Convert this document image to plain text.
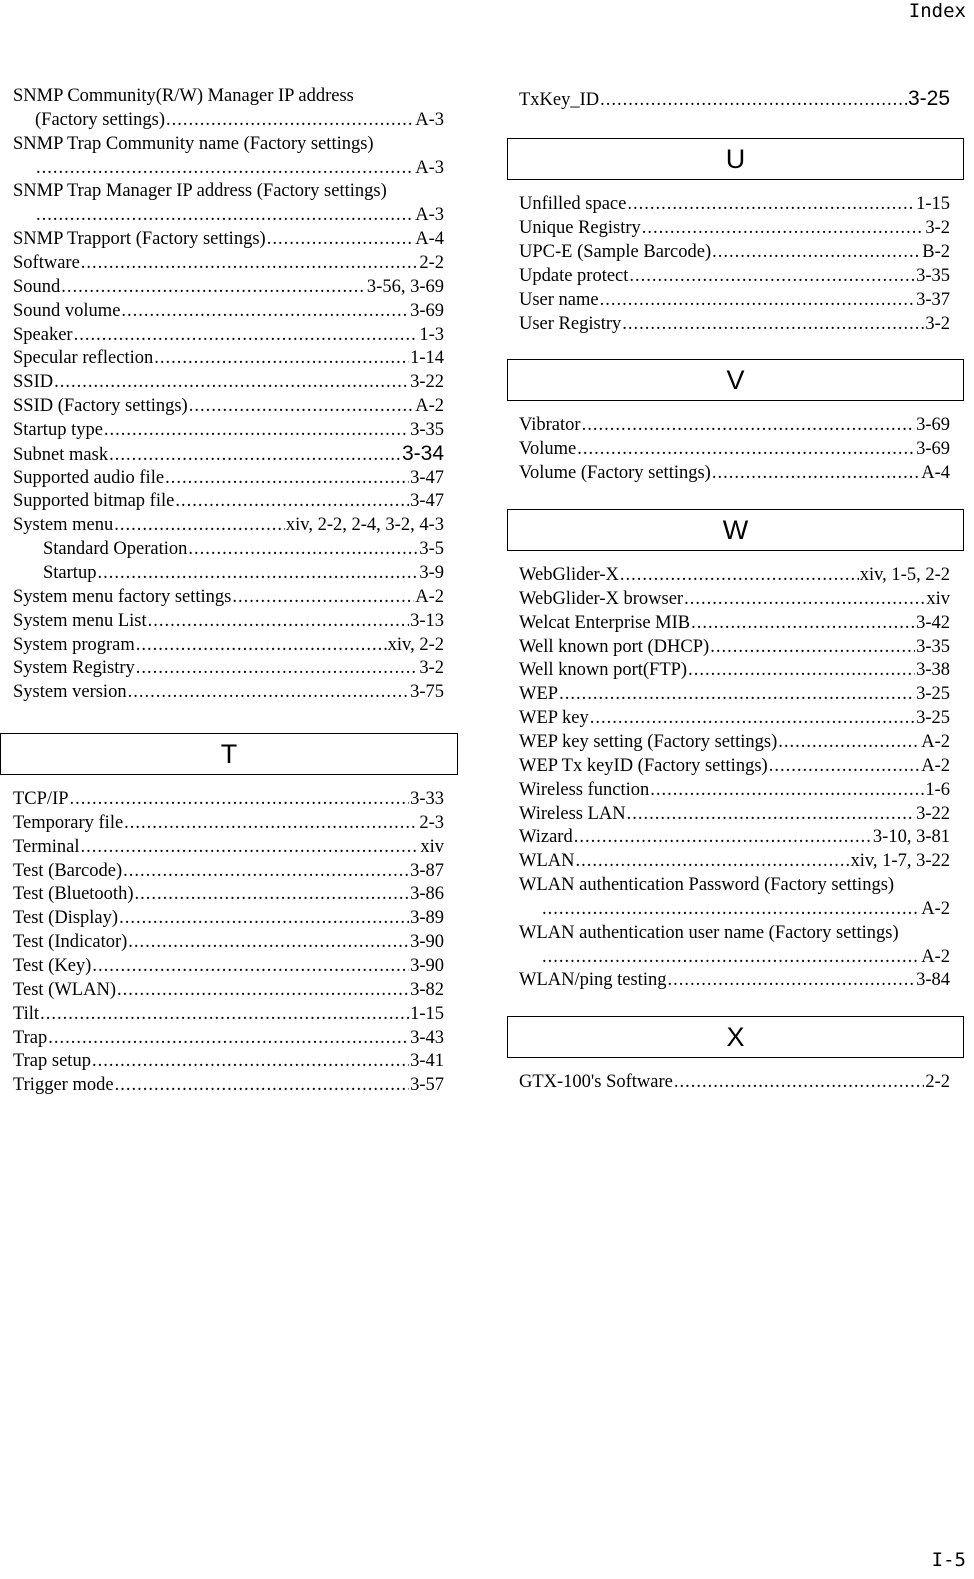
Index
SNMP Community(R/W) Manager IP address
(Factory settings) .....	A-3
SNMP Trap Community name (Factory settings)
.....
A-3
SNMP Trap Manager IP address (Factory settings)
.....
A-3
SNMP Trapport (Factory settings) .....	A-4
Software .....	2-2
Sound .....	3-56, 3-69
Sound volume .....	3-69
Speaker .....	1-3
Specular reflection .....	1-14
SSID .....	3-22
SSID (Factory settings) .....	A-2
Startup type .....	3-35
Subnet mask .....	3-34
Supported audio file .....	3-47
Supported bitmap file .....	3-47
System menu .....	xiv, 2-2, 2-4, 3-2, 4-3
Standard Operation .....	3-5
Startup .....	3-9
System menu factory settings .....	A-2
System menu List .....	3-13
System program .....	xiv, 2-2
System Registry .....	3-2
System version .....	3-75
TCP/IP .....	3-33
Temporary file .....	2-3
Terminal .....	xiv
Test (Barcode) .....	3-87
Test (Bluetooth) .....	3-86
Test (Display) .....	3-89
Test (Indicator) .....	3-90
Test (Key) .....	3-90
Test (WLAN) .....	3-82
Tilt .....	1-15
Trap .....	3-43
Trap setup .....	3-41
Trigger mode .....	3-57
TxKey_ID .....	3-25
Unfilled space .....	1-15
Unique Registry .....	3-2
UPC-E (Sample Barcode) .....	B-2
Update protect .....	3-35
User name .....	3-37
User Registry .....	3-2
Vibrator .....	3-69
Volume .....	3-69
Volume (Factory settings) .....	A-4
WebGlider-X .....	xiv, 1-5, 2-2
WebGlider-X browser .....	xiv
Welcat Enterprise MIB .....	3-42
Well known port (DHCP) .....	3-35
Well known port(FTP) .....	3-38
WEP .....	3-25
WEP key .....	3-25
WEP key setting (Factory settings) .....	A-2
WEP Tx keyID (Factory settings) .....	A-2
Wireless function .....	1-6
Wireless LAN .....	3-22
Wizard .....	3-10, 3-81
WLAN .....	xiv, 1-7, 3-22
WLAN authentication Password (Factory settings)
.....
A-2
WLAN authentication user name (Factory settings)
.....
A-2
WLAN/ping testing .....	3-84
GTX-100's Software .....	2-2
T
U
V
W
X
I-5
